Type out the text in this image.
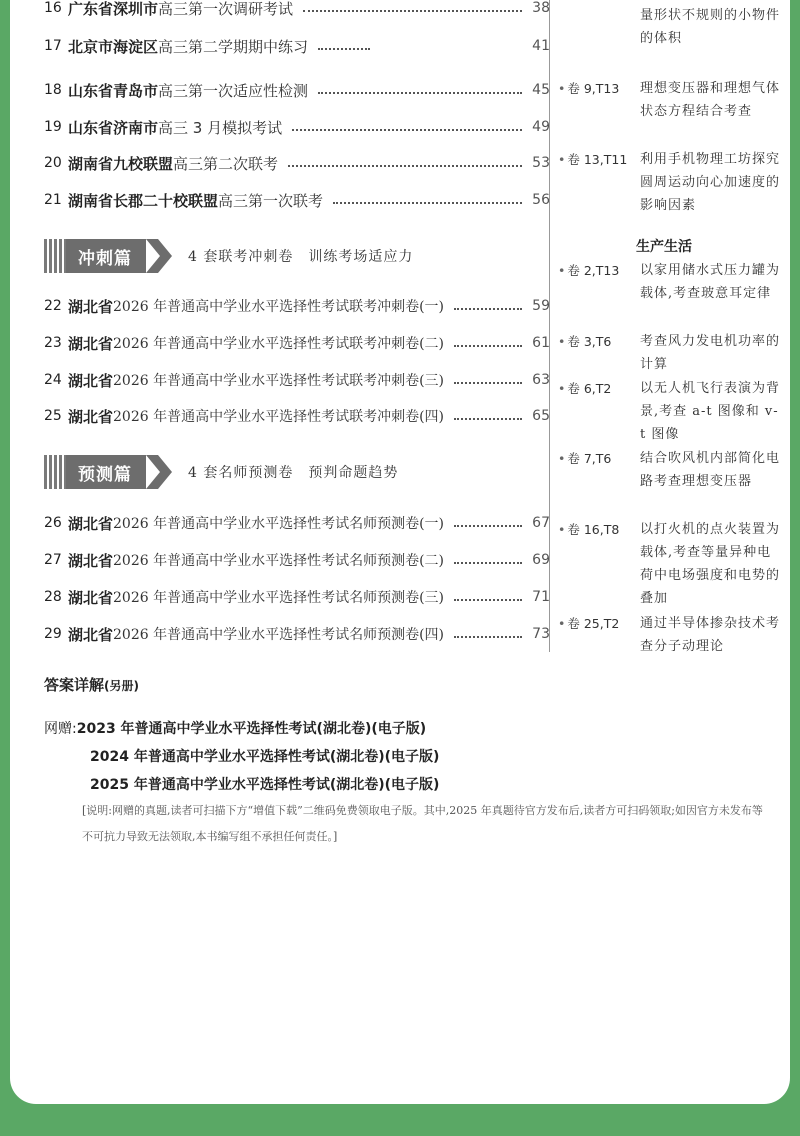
16 广东省深圳市 高三第一次调研考试	38
17 北京市海淀区 高三第二学期期中练习	41
18 山东省青岛市 高三第一次适应性检测	45
19 山东省济南市 高三 3 月模拟考试	49
20 湖南省九校联盟 高三第二次联考	53
21 湖南省长郡二十校联盟 高三第一次联考	56
冲刺篇	4 套联考冲刺卷　训练考场适应力
22 湖北省 2026 年普通高中学业水平选择性考试联考冲刺卷(一)	59
23 湖北省 2026 年普通高中学业水平选择性考试联考冲刺卷(二)	61
24 湖北省 2026 年普通高中学业水平选择性考试联考冲刺卷(三)	63
25 湖北省 2026 年普通高中学业水平选择性考试联考冲刺卷(四)	65
预测篇	4 套名师预测卷　预判命题趋势
26 湖北省 2026 年普通高中学业水平选择性考试名师预测卷(一)	67
27 湖北省 2026 年普通高中学业水平选择性考试名师预测卷(二)	69
28 湖北省 2026 年普通高中学业水平选择性考试名师预测卷(三)	71
29 湖北省 2026 年普通高中学业水平选择性考试名师预测卷(四)	73
量形状不规则的小物件的体积
• 卷 9,T13 理想变压器和理想气体状态方程结合考查
• 卷 13,T11 利用手机物理工坊探究圆周运动向心加速度的影响因素
生产生活
• 卷 2,T13 以家用储水式压力罐为载体,考查玻意耳定律
• 卷 3,T6 考查风力发电机功率的计算
• 卷 6,T2 以无人机飞行表演为背景,考查 a-t 图像和 v-t 图像
• 卷 7,T6 结合吹风机内部简化电路考查理想变压器
• 卷 16,T8 以打火机的点火装置为载体,考查等量异种电荷中电场强度和电势的叠加
• 卷 25,T2 通过半导体掺杂技术考查分子动理论
答案详解(另册)
网赠:2023 年普通高中学业水平选择性考试(湖北卷)(电子版)
2024 年普通高中学业水平选择性考试(湖北卷)(电子版)
2025 年普通高中学业水平选择性考试(湖北卷)(电子版)
[说明:网赠的真题,读者可扫描下方“增值下载”二维码免费领取电子版。其中,2025 年真题待官方发布后,读者方可扫码领取;如因官方未发布等不可抗力导致无法领取,本书编写组不承担任何责任。]
